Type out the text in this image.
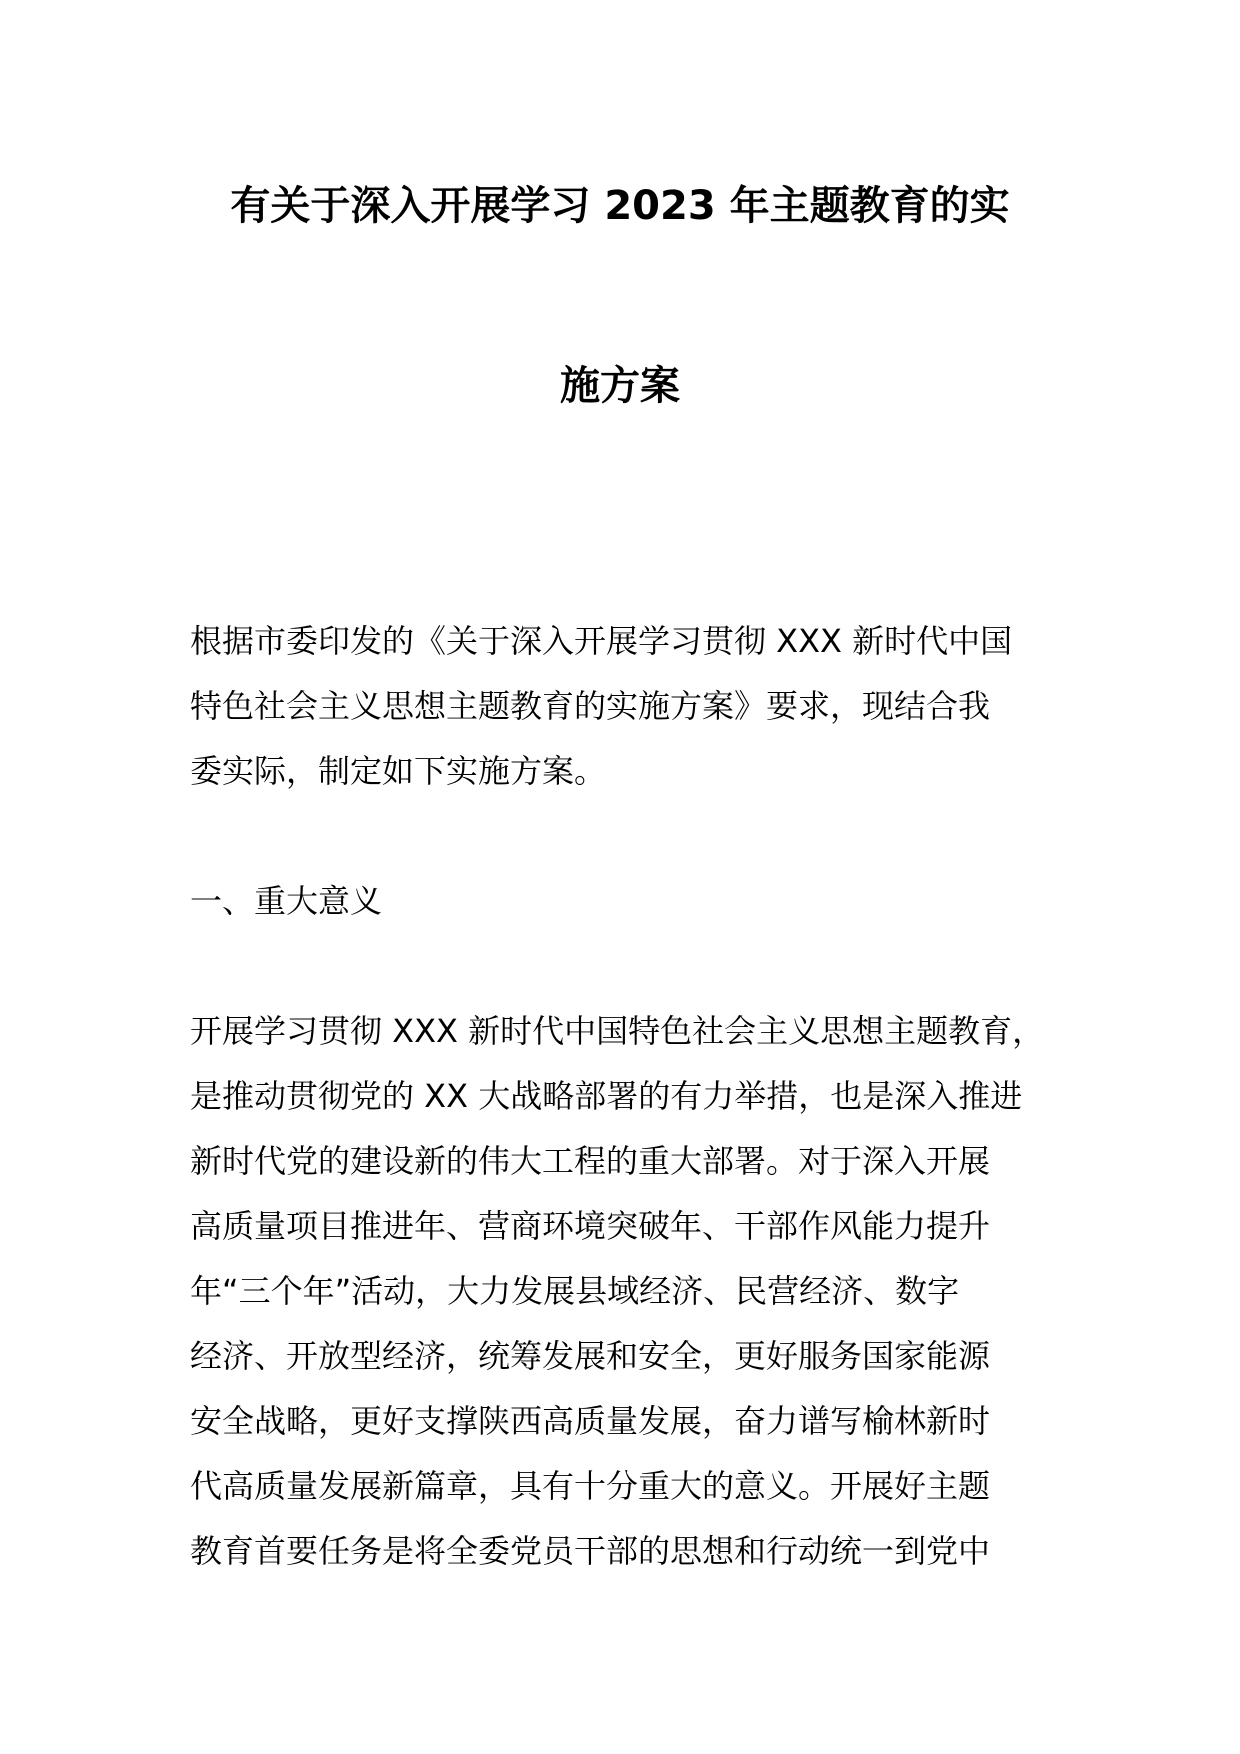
有关于深入开展学习 2023 年主题教育的实
施方案
根据市委印发的《关于深入开展学习贯彻 XXX 新时代中国
特色社会主义思想主题教育的实施方案》要求，现结合我
委实际，制定如下实施方案。
一、重大意义
开展学习贯彻 XXX 新时代中国特色社会主义思想主题教育，
是推动贯彻党的 XX 大战略部署的有力举措，也是深入推进
新时代党的建设新的伟大工程的重大部署。对于深入开展
高质量项目推进年、营商环境突破年、干部作风能力提升
年“三个年”活动，大力发展县域经济、民营经济、数字
经济、开放型经济，统筹发展和安全，更好服务国家能源
安全战略，更好支撑陕西高质量发展，奋力谱写榆林新时
代高质量发展新篇章，具有十分重大的意义。开展好主题
教育首要任务是将全委党员干部的思想和行动统一到党中
